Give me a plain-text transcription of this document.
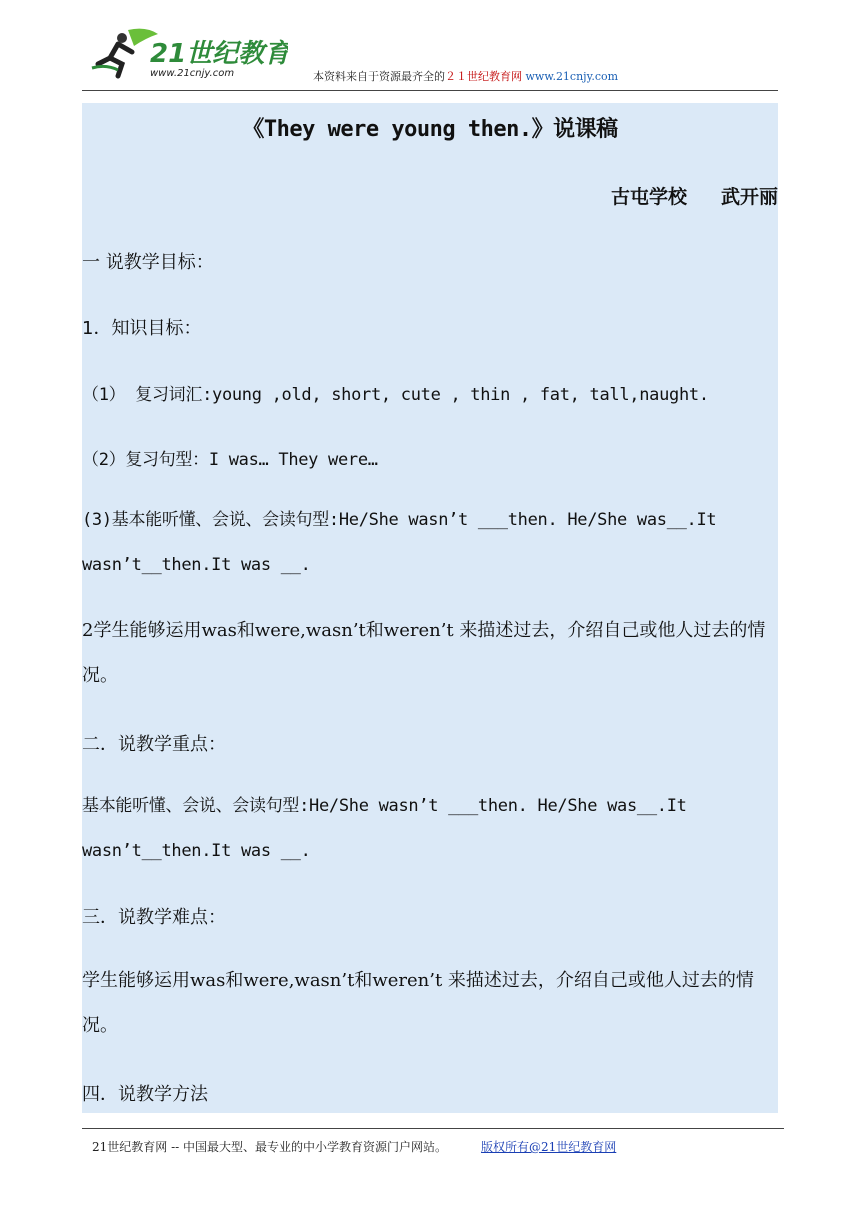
21世纪教育
www.21cnjy.com	本资料来自于资源最齐全的２１世纪教育网 www.21cnjy.com
《They were young then.》说课稿
古屯学校 武开丽
一 说教学目标：
1．知识目标：
（1） 复习词汇:young ,old, short, cute , thin , fat, tall,naught.
（2）复习句型：I was… They were…
(3)基本能听懂、会说、会读句型:He/She wasn’t ___then. He/She was__.It wasn’t__then.It was __.
2学生能够运用was和were,wasn’t和weren’t 来描述过去，介绍自己或他人过去的情况。
二．说教学重点：
基本能听懂、会说、会读句型:He/She wasn’t ___then. He/She was__.It wasn’t__then.It was __.
三．说教学难点：
学生能够运用was和were,wasn’t和weren’t 来描述过去，介绍自己或他人过去的情况。
四．说教学方法
21世纪教育网 -- 中国最大型、最专业的中小学教育资源门户网站。	版权所有@21世纪教育网
